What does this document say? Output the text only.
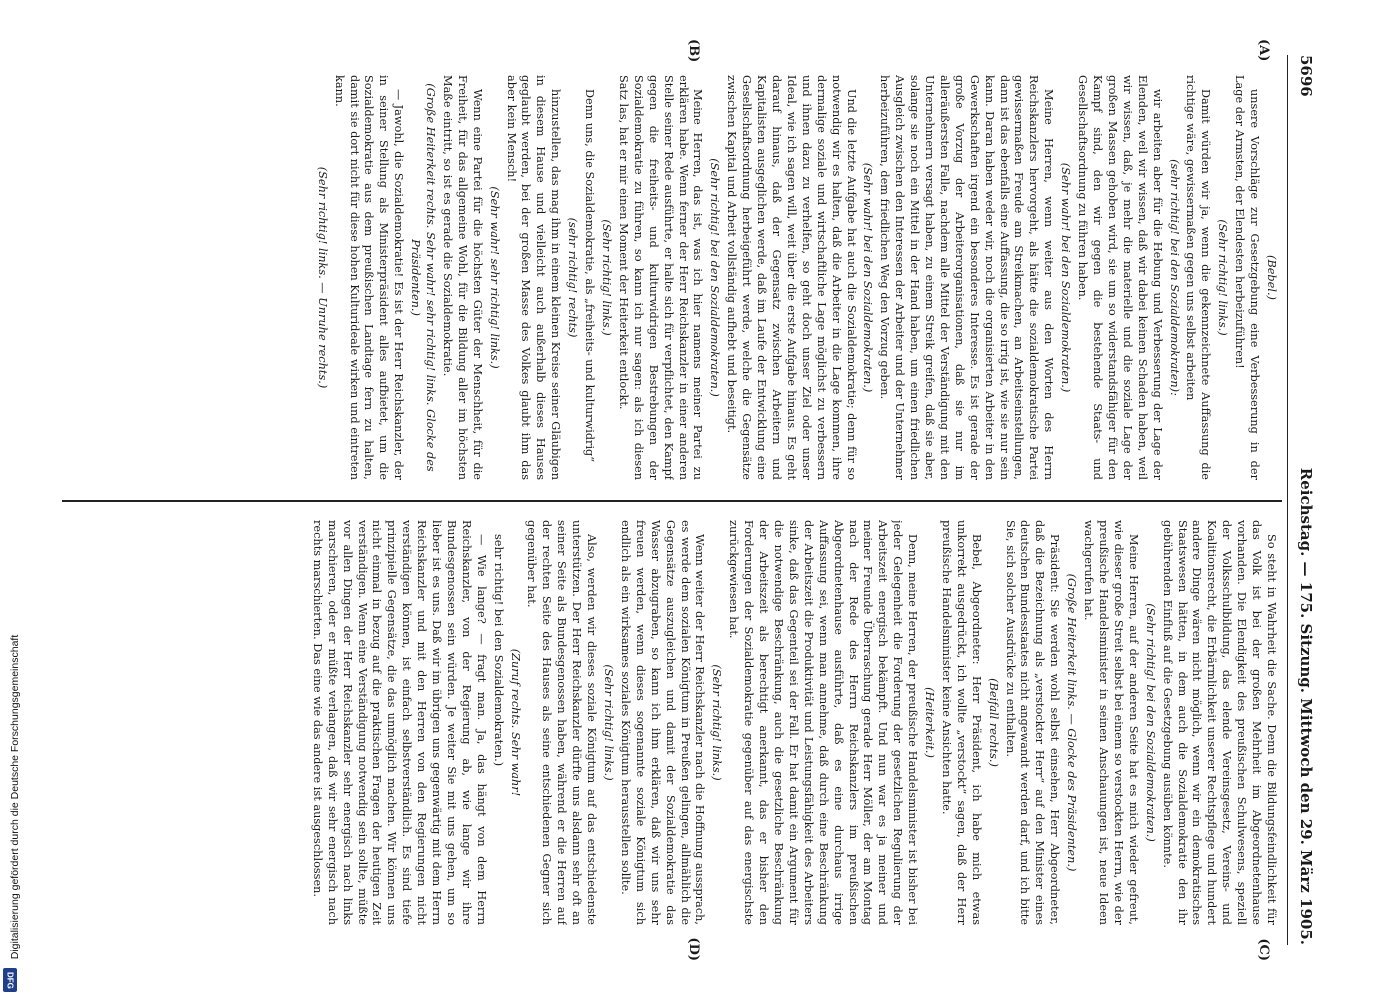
5696
Reichstag. — 175. Sitzung. Mittwoch den 29. März 1905.

(Bebel.)

unsere Vorschläge zur Gesetzgebung eine Verbesserung in der Lage der Armsten, der Elendesten herbeizuführen!

(Sehr richtig! links.)

Damit würden wir ja, wenn die gekennzeichnete Auffassung die richtige wäre, gewissermaßen gegen uns selbst arbeiten

(sehr richtig! bei den Sozialdemokraten):

wir arbeiten aber für die Hebung und Verbesserung der Lage der Elenden, weil wir wissen, daß wir dabei keinen Schaden haben, weil wir wissen, daß, je mehr die materielle und die soziale Lage der großen Massen gehoben wird, sie um so widerstandsfähiger für den Kampf sind, den wir gegen die bestehende Staats- und Gesellschaftsordnung zu führen haben.

(Sehr wahr! bei den Sozialdemokraten.)

Meine Herren, wenn weiter aus den Worten des Herrn Reichskanzlers hervorgeht, als hätte die sozialdemokratische Partei gewissermaßen Freude am Streikmachen, an Arbeitseinstellungen, dann ist das ebenfalls eine Auffassung, die so irrig ist, wie sie nur sein kann. Daran haben weder wir, noch die organisierten Arbeiter in den Gewerkschaften irgend ein besonderes Interesse. Es ist gerade der große Vorzug der Arbeiterorganisationen, daß sie nur im alleräußersten Falle, nachdem alle Mittel der Verständigung mit den Unternehmern versagt haben, zu einem Streik greifen, daß sie aber, solange sie noch ein Mittel in der Hand haben, um einen friedlichen Ausgleich zwischen den Interessen der Arbeiter und der Unternehmer herbeizuführen, dem friedlichen Weg den Vorzug geben.

(Sehr wahr! bei den Sozialdemokraten.)

Und die letzte Aufgabe hat auch die Sozialdemokratie; denn für so notwendig wir es halten, daß die Arbeiter in die Lage kommen, ihre dermalige soziale und wirtschaftliche Lage möglichst zu verbessern und ihnen dazu zu verhelfen, so geht doch unser Ziel oder unser Ideal, wie ich sagen will, weit über die erste Aufgabe hinaus. Es geht darauf hinaus, daß der Gegensatz zwischen Arbeitern und Kapitalisten ausgeglichen werde, daß im Laufe der Entwicklung eine Gesellschaftsordnung herbeigeführt werde, welche die Gegensätze zwischen Kapital und Arbeit vollständig aufhebt und beseitigt.

(Sehr richtig! bei den Sozialdemokraten.)

Meine Herren, das ist, was ich hier namens meiner Partei zu erklären habe. Wenn ferner der Herr Reichskanzler in einer anderen Stelle seiner Rede ausführte, er halte sich für verpflichtet, den Kampf gegen die freiheits- und kulturwidrigen Bestrebungen der Sozialdemokratie zu führen, so kann ich nur sagen: als ich diesen Satz las, hat er mir einen Moment der Heiterkeit entlockt.

(Sehr richtig! links.)

Denn uns, die Sozialdemokratie, als „freiheits- und kulturwidrig“

(sehr richtig! rechts)

hinzustellen, das mag ihm in einem kleinen Kreise seiner Gläubigen in diesem Hause und vielleicht auch außerhalb dieses Hauses geglaubt werden, bei der großen Masse des Volkes glaubt ihm das aber kein Mensch!

(Sehr wahr! sehr richtig! links.)

Wenn eine Partei für die höchsten Güter der Menschheit, für die Freiheit, für das allgemeine Wohl, für die Bildung aller im höchsten Maße eintritt, so ist es gerade die Sozialdemokratie.

(Große Heiterkeit rechts. Sehr wahr! sehr richtig! links. Glocke des Präsidenten.)

— Jawohl, die Sozialdemokratie! Es ist der Herr Reichskanzler, der in seiner Stellung als Ministerpräsident alles aufbietet, um die Sozialdemokratie aus dem preußischen Landtage fern zu halten, damit sie dort nicht für diese hohen Kulturideale wirken und eintreten kann.

(Sehr richtig! links. — Unruhe rechts.)

So steht in Wahrheit die Sache. Denn die Bildungsfeindlichkeit für das Volk ist bei der großen Mehrheit im Abgeordnetenhause vorhanden. Die Elendigkeit des preußischen Schulwesens, speziell der Volksschulbildung, das elende Vereinsgesetz, Vereins- und Koalitionsrecht, die Erbärmlichkeit unserer Rechtspflege und hundert andere Dinge wären nicht möglich, wenn wir ein demokratisches Staatswesen hätten, in dem auch die Sozialdemokratie den ihr gebührenden Einfluß auf die Gesetzgebung ausüben könnte.

(Sehr richtig! bei den Sozialdemokraten.)

Meine Herren, auf der anderen Seite hat es mich wieder gefreut, wie dieser große Streit selbst bei einem so verstockten Herrn, wie der preußische Handelsminister in seinen Anschauungen ist, neue Ideen wachgerufen hat.

(Große Heiterkeit links. — Glocke des Präsidenten.)

Präsident: Sie werden wohl selbst einsehen, Herr Abgeordneter, daß die Bezeichnung als „verstockter Herr“ auf den Minister eines deutschen Bundesstaates nicht angewandt werden darf, und ich bitte Sie, sich solcher Ausdrücke zu enthalten.

(Beifall rechts.)

Bebel, Abgeordneter: Herr Präsident, ich habe mich etwas unkorrekt ausgedrückt, ich wollte „verstockt“ sagen, daß der Herr preußische Handelsminister keine Ansichten hatte.

(Heiterkeit.)

Denn, meine Herren, der preußische Handelsminister ist bisher bei jeder Gelegenheit die Forderung der gesetzlichen Regulierung der Arbeitszeit energisch bekämpft. Und nun war es ja meiner und meiner Freunde Überraschung gerade Herr Möller, der am Montag nach der Rede des Herrn Reichskanzlers im preußischen Abgeordnetenhause ausführte, daß es eine durchaus irrige Auffassung sei, wenn man annehme, daß durch eine Beschränkung der Arbeitszeit die Produktivität und Leistungsfähigkeit des Arbeiters sinke, daß das Gegenteil sei der Fall. Er hat damit ein Argument für die notwendige Beschränkung, auch die gesetzliche Beschränkung der Arbeitszeit als berechtigt anerkannt, das er bisher den Forderungen der Sozialdemokratie gegenüber auf das energischste zurückgewiesen hat.

(Sehr richtig! links.)

Wenn weiter der Herr Reichskanzler nach die Hoffnung aussprach, es werde dem sozialen Königtum in Preußen gelingen, allmählich die Gegensätze auszugleichen und damit der Sozialdemokratie das Wasser abzugraben, so kann ich ihm erklären, daß wir uns sehr freuen werden, wenn dieses sogenannte soziale Königtum sich endlich als ein wirksames soziales Königtum herausstellen sollte.

(Sehr richtig! links.)

Also, werden wir dieses soziale Königtum auf das entschiedenste unterstützen. Der Herr Reichskanzler dürfte uns alsdann sehr oft an seiner Seite als Bundesgenossen haben, während er die Herren auf der rechten Seite des Hauses als seine entschiedenen Gegner sich gegenüber hat.

(Zuruf rechts. Sehr wahr!

sehr richtig! bei den Sozialdemokraten.)

— Wie lange? — fragt man. Ja, das hängt von dem Herrn Reichskanzler, von der Regierung ab, wie lange wir ihre Bundesgenossen sein würden. Je weiter Sie mit uns gehen, um so lieber ist es uns. Daß wir im übrigen uns gegenwärtig mit dem Herrn Reichskanzler und mit den Herren von den Regierungen nicht verständigen können, ist einfach selbstverständlich. Es sind tiefe prinzipielle Gegensätze, die das unmöglich machen. Wir können uns nicht einmal in bezug auf die praktischen Fragen der heutigen Zeit verständigen. Wenn eine Verständigung notwendig sein sollte, müßte vor allen Dingen der Herr Reichskanzler sehr energisch nach links marschieren, oder er müßte verlangen, daß wir sehr energisch nach rechts marschierten. Das eine wie das andere ist ausgeschlossen.

(A)
(B)
(C)
(D)
Digitalisierung gefördert durch die Deutsche Forschungsgemeinschaft
DFG
